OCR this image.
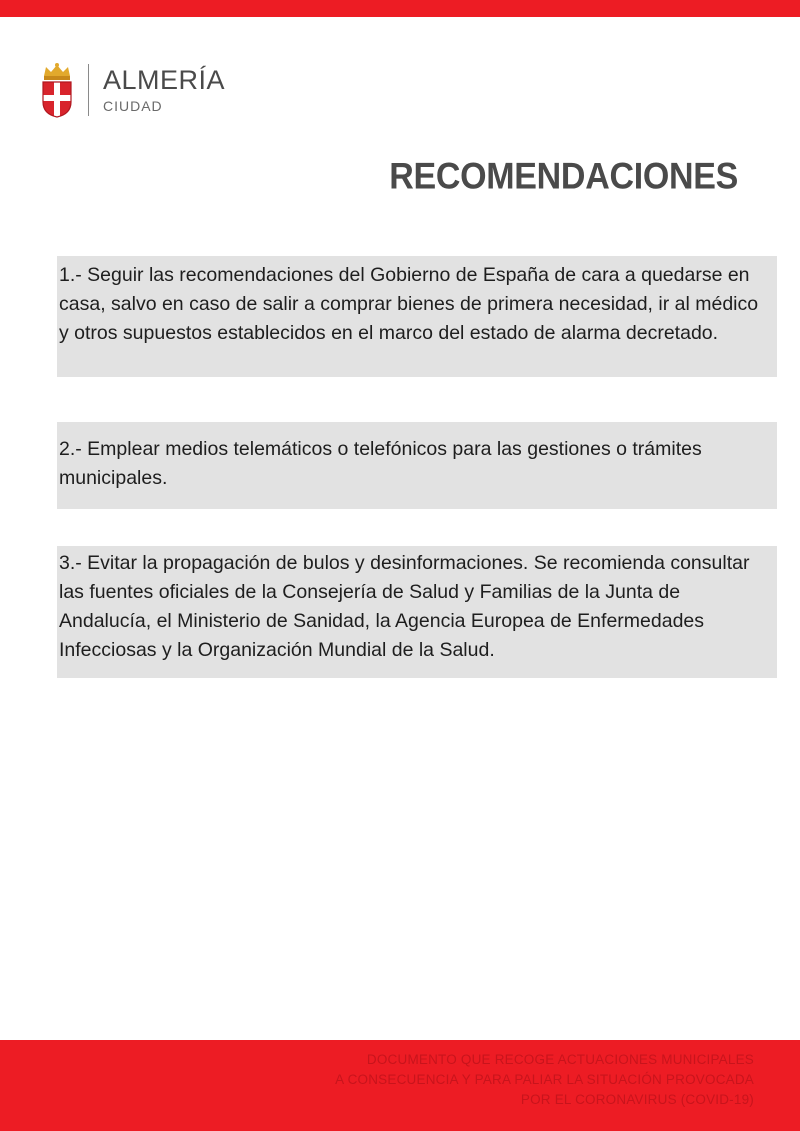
ALMERÍA
CIUDAD
RECOMENDACIONES
1.- Seguir las recomendaciones del Gobierno de España de cara a quedarse en casa, salvo en caso de salir a comprar bienes de primera necesidad, ir al médico y otros supuestos establecidos en el marco del estado de alarma decretado.
2.- Emplear medios telemáticos o telefónicos para las gestiones o trámites municipales.
3.- Evitar la propagación de bulos y desinformaciones. Se recomienda consultar las fuentes oficiales de la Consejería de Salud y Familias de la Junta de Andalucía, el Ministerio de Sanidad, la Agencia Europea de Enfermedades Infecciosas y la Organización Mundial de la Salud.
DOCUMENTO QUE RECOGE ACTUACIONES MUNICIPALES
A CONSECUENCIA Y PARA PALIAR LA SITUACIÓN PROVOCADA
POR EL CORONAVIRUS (COVID-19)
